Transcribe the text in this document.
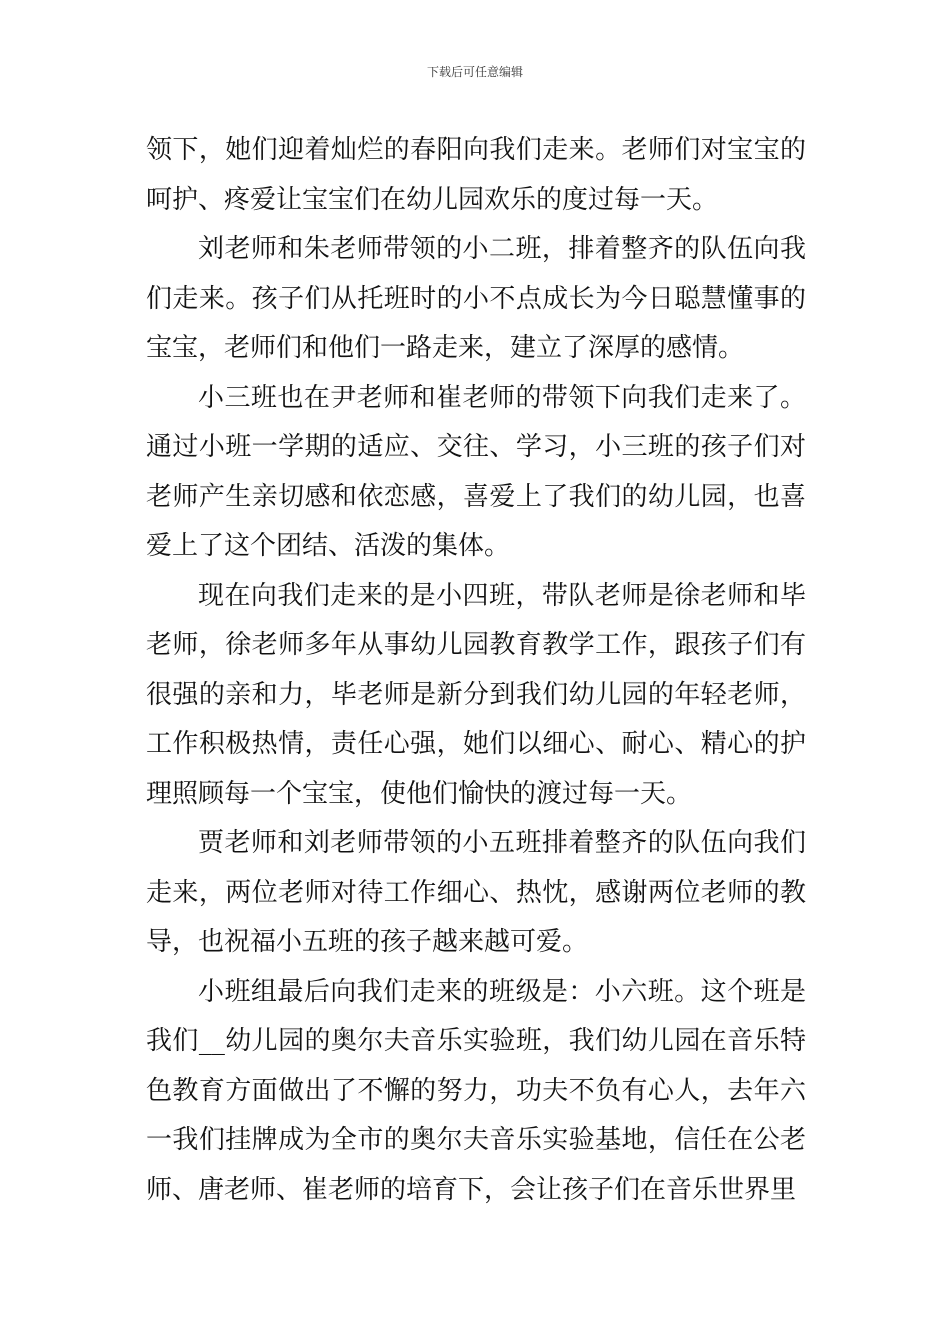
下载后可任意编辑

领下，她们迎着灿烂的春阳向我们走来。老师们对宝宝的呵护、疼爱让宝宝们在幼儿园欢乐的度过每一天。

刘老师和朱老师带领的小二班，排着整齐的队伍向我们走来。孩子们从托班时的小不点成长为今日聪慧懂事的宝宝，老师们和他们一路走来，建立了深厚的感情。

小三班也在尹老师和崔老师的带领下向我们走来了。通过小班一学期的适应、交往、学习，小三班的孩子们对老师产生亲切感和依恋感，喜爱上了我们的幼儿园，也喜爱上了这个团结、活泼的集体。

现在向我们走来的是小四班，带队老师是徐老师和毕老师，徐老师多年从事幼儿园教育教学工作，跟孩子们有很强的亲和力，毕老师是新分到我们幼儿园的年轻老师，工作积极热情，责任心强，她们以细心、耐心、精心的护理照顾每一个宝宝，使他们愉快的渡过每一天。

贾老师和刘老师带领的小五班排着整齐的队伍向我们走来，两位老师对待工作细心、热忱，感谢两位老师的教导，也祝福小五班的孩子越来越可爱。

小班组最后向我们走来的班级是：小六班。这个班是我们__幼儿园的奥尔夫音乐实验班，我们幼儿园在音乐特色教育方面做出了不懈的努力，功夫不负有心人，去年六一我们挂牌成为全市的奥尔夫音乐实验基地，信任在公老师、唐老师、崔老师的培育下，会让孩子们在音乐世界里
